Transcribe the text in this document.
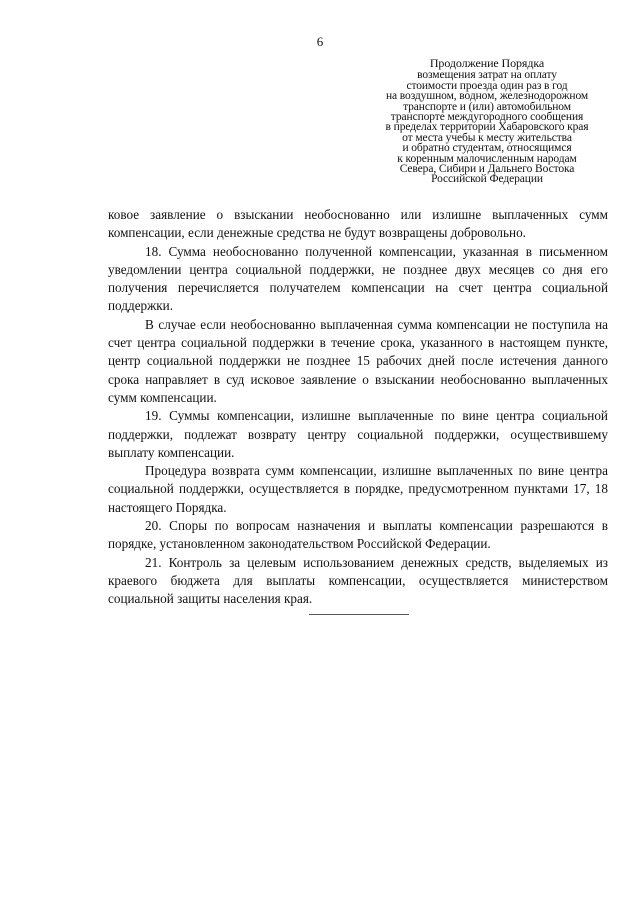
6
Продолжение Порядка
возмещения затрат на оплату
стоимости проезда один раз в год
на воздушном, водном, железнодорожном
транспорте и (или) автомобильном
транспорте междугородного сообщения
в пределах территории Хабаровского края
от места учебы к месту жительства
и обратно студентам, относящимся
к коренным малочисленным народам
Севера, Сибири и Дальнего Востока
Российской Федерации

ковое заявление о взыскании необоснованно или излишне выплаченных сумм компенсации, если денежные средства не будут возвращены добровольно.

18. Сумма необоснованно полученной компенсации, указанная в письменном уведомлении центра социальной поддержки, не позднее двух месяцев со дня его получения перечисляется получателем компенсации на счет центра социальной поддержки.

В случае если необоснованно выплаченная сумма компенсации не поступила на счет центра социальной поддержки в течение срока, указанного в настоящем пункте, центр социальной поддержки не позднее 15 рабочих дней после истечения данного срока направляет в суд исковое заявление о взыскании необоснованно выплаченных сумм компенсации.

19. Суммы компенсации, излишне выплаченные по вине центра социальной поддержки, подлежат возврату центру социальной поддержки, осуществившему выплату компенсации.

Процедура возврата сумм компенсации, излишне выплаченных по вине центра социальной поддержки, осуществляется в порядке, предусмотренном пунктами 17, 18 настоящего Порядка.

20. Споры по вопросам назначения и выплаты компенсации разрешаются в порядке, установленном законодательством Российской Федерации.

21. Контроль за целевым использованием денежных средств, выделяемых из краевого бюджета для выплаты компенсации, осуществляется министерством социальной защиты населения края.
